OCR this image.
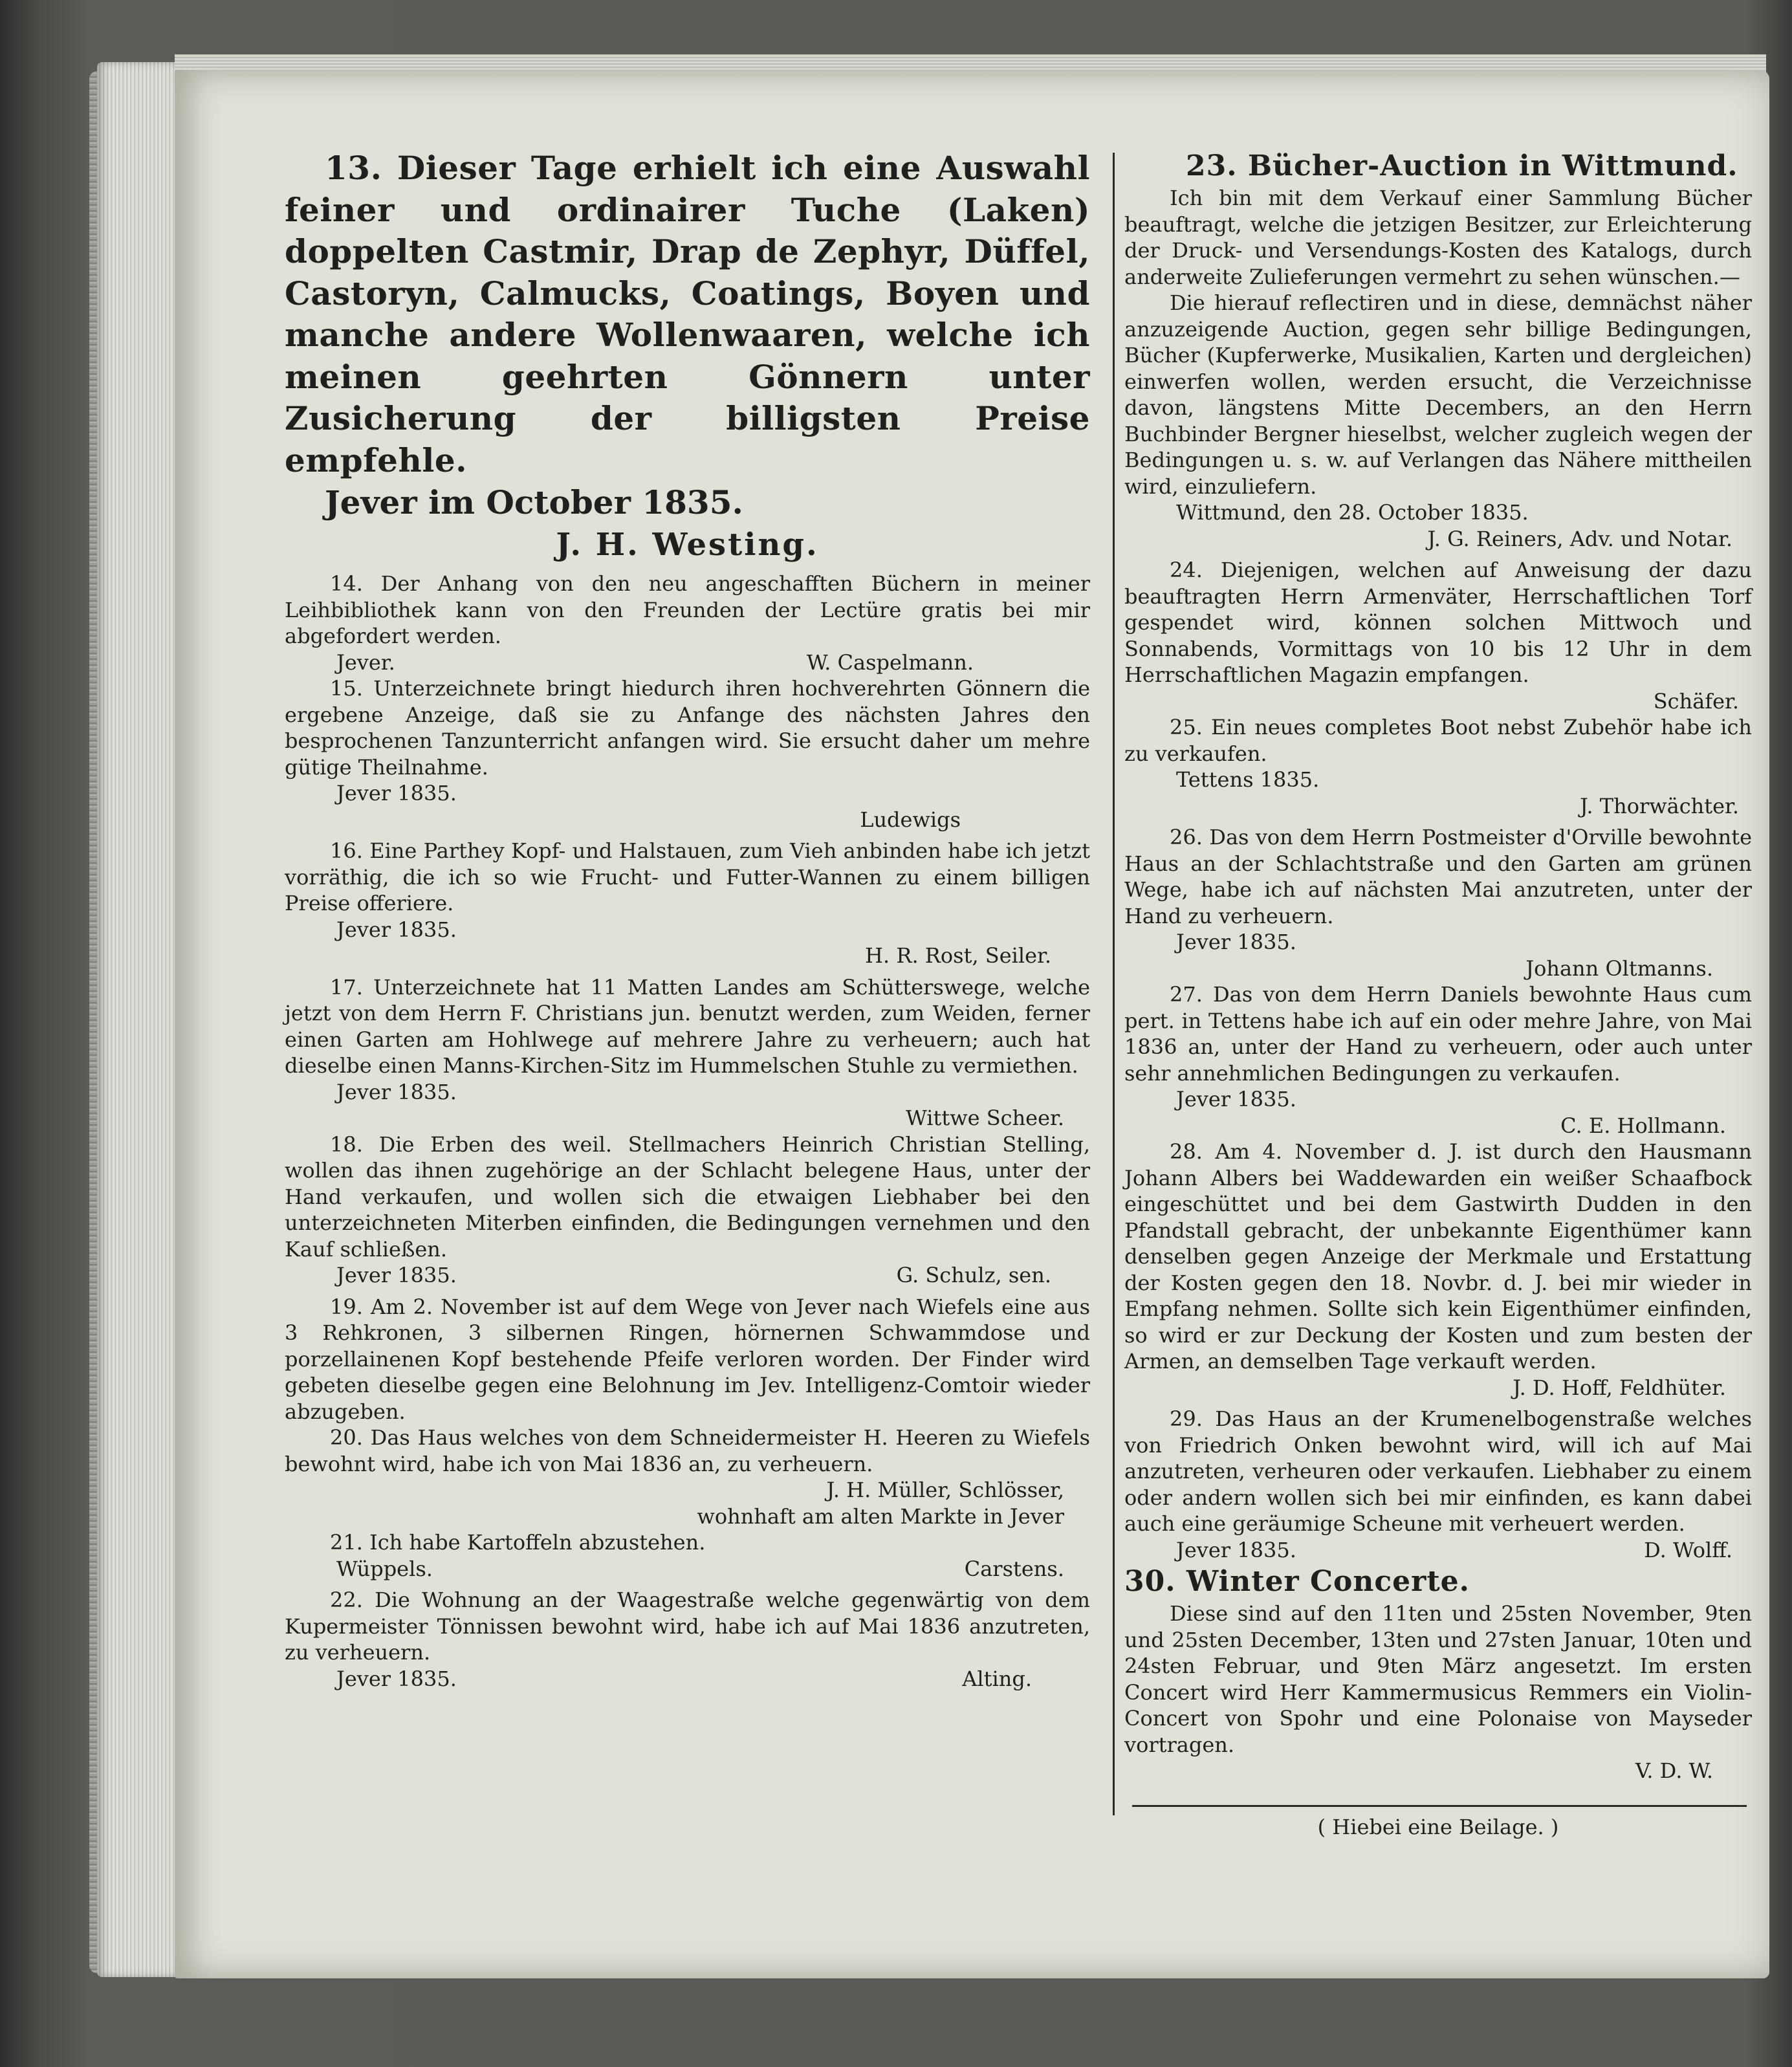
13. Dieser Tage erhielt ich eine Auswahl feiner und ordinairer Tuche (Laken) doppelten Castmir, Drap de Zephyr, Düffel, Castoryn, Calmucks, Coatings, Boyen und manche andere Wollenwaaren, welche ich meinen geehrten Gönnern unter Zusicherung der billigsten Preise empfehle.

Jever im October 1835.

J. H. Westing.

14. Der Anhang von den neu angeschafften Büchern in meiner Leihbibliothek kann von den Freunden der Lectüre gratis bei mir abgefordert werden.

Jever.	W. Caspelmann.

15. Unterzeichnete bringt hiedurch ihren hochverehrten Gönnern die ergebene Anzeige, daß sie zu Anfange des nächsten Jahres den besprochenen Tanzunterricht anfangen wird. Sie ersucht daher um mehre gütige Theilnahme.

Jever 1835.

Ludewigs

16. Eine Parthey Kopf- und Halstauen, zum Vieh anbinden habe ich jetzt vorräthig, die ich so wie Frucht- und Futter-Wannen zu einem billigen Preise offeriere.

Jever 1835.

H. R. Rost, Seiler.

17. Unterzeichnete hat 11 Matten Landes am Schütterswege, welche jetzt von dem Herrn F. Christians jun. benutzt werden, zum Weiden, ferner einen Garten am Hohlwege auf mehrere Jahre zu verheuern; auch hat dieselbe einen Manns-Kirchen-Sitz im Hummelschen Stuhle zu vermiethen.

Jever 1835.

Wittwe Scheer.

18. Die Erben des weil. Stellmachers Heinrich Christian Stelling, wollen das ihnen zugehörige an der Schlacht belegene Haus, unter der Hand verkaufen, und wollen sich die etwaigen Liebhaber bei den unterzeichneten Miterben einfinden, die Bedingungen vernehmen und den Kauf schließen.

Jever 1835.	G. Schulz, sen.

19. Am 2. November ist auf dem Wege von Jever nach Wiefels eine aus 3 Rehkronen, 3 silbernen Ringen, hörnernen Schwammdose und porzellainenen Kopf bestehende Pfeife verloren worden. Der Finder wird gebeten dieselbe gegen eine Belohnung im Jev. Intelligenz-Comtoir wieder abzugeben.

20. Das Haus welches von dem Schneidermeister H. Heeren zu Wiefels bewohnt wird, habe ich von Mai 1836 an, zu verheuern.

J. H. Müller, Schlösser,

wohnhaft am alten Markte in Jever

21. Ich habe Kartoffeln abzustehen.

Wüppels.	Carstens.

22. Die Wohnung an der Waagestraße welche gegenwärtig von dem Kupermeister Tönnissen bewohnt wird, habe ich auf Mai 1836 anzutreten, zu verheuern.

Jever 1835.	Alting.

23. Bücher-Auction in Wittmund.

Ich bin mit dem Verkauf einer Sammlung Bücher beauftragt, welche die jetzigen Besitzer, zur Erleichterung der Druck- und Versendungs-Kosten des Katalogs, durch anderweite Zulieferungen vermehrt zu sehen wünschen.—

Die hierauf reflectiren und in diese, demnächst näher anzuzeigende Auction, gegen sehr billige Bedingungen, Bücher (Kupferwerke, Musikalien, Karten und dergleichen) einwerfen wollen, werden ersucht, die Verzeichnisse davon, längstens Mitte Decembers, an den Herrn Buchbinder Bergner hieselbst, welcher zugleich wegen der Bedingungen u. s. w. auf Verlangen das Nähere mittheilen wird, einzuliefern.

Wittmund, den 28. October 1835.

J. G. Reiners, Adv. und Notar.

24. Diejenigen, welchen auf Anweisung der dazu beauftragten Herrn Armenväter, Herrschaftlichen Torf gespendet wird, können solchen Mittwoch und Sonnabends, Vormittags von 10 bis 12 Uhr in dem Herrschaftlichen Magazin empfangen.

Schäfer.

25. Ein neues completes Boot nebst Zubehör habe ich zu verkaufen.

Tettens 1835.

J. Thorwächter.

26. Das von dem Herrn Postmeister d'Orville bewohnte Haus an der Schlachtstraße und den Garten am grünen Wege, habe ich auf nächsten Mai anzutreten, unter der Hand zu verheuern.

Jever 1835.

Johann Oltmanns.

27. Das von dem Herrn Daniels bewohnte Haus cum pert. in Tettens habe ich auf ein oder mehre Jahre, von Mai 1836 an, unter der Hand zu verheuern, oder auch unter sehr annehmlichen Bedingungen zu verkaufen.

Jever 1835.

C. E. Hollmann.

28. Am 4. November d. J. ist durch den Hausmann Johann Albers bei Waddewarden ein weißer Schaafbock eingeschüttet und bei dem Gastwirth Dudden in den Pfandstall gebracht, der unbekannte Eigenthümer kann denselben gegen Anzeige der Merkmale und Erstattung der Kosten gegen den 18. Novbr. d. J. bei mir wieder in Empfang nehmen. Sollte sich kein Eigenthümer einfinden, so wird er zur Deckung der Kosten und zum besten der Armen, an demselben Tage verkauft werden.

J. D. Hoff, Feldhüter.

29. Das Haus an der Krumenelbogenstraße welches von Friedrich Onken bewohnt wird, will ich auf Mai anzutreten, verheuren oder verkaufen. Liebhaber zu einem oder andern wollen sich bei mir einfinden, es kann dabei auch eine geräumige Scheune mit verheuert werden.

Jever 1835.	D. Wolff.

30. Winter Concerte.

Diese sind auf den 11ten und 25sten November, 9ten und 25sten December, 13ten und 27sten Januar, 10ten und 24sten Februar, und 9ten März angesetzt. Im ersten Concert wird Herr Kammermusicus Remmers ein Violin-Concert von Spohr und eine Polonaise von Mayseder vortragen.

V. D. W.

( Hiebei eine Beilage. )
